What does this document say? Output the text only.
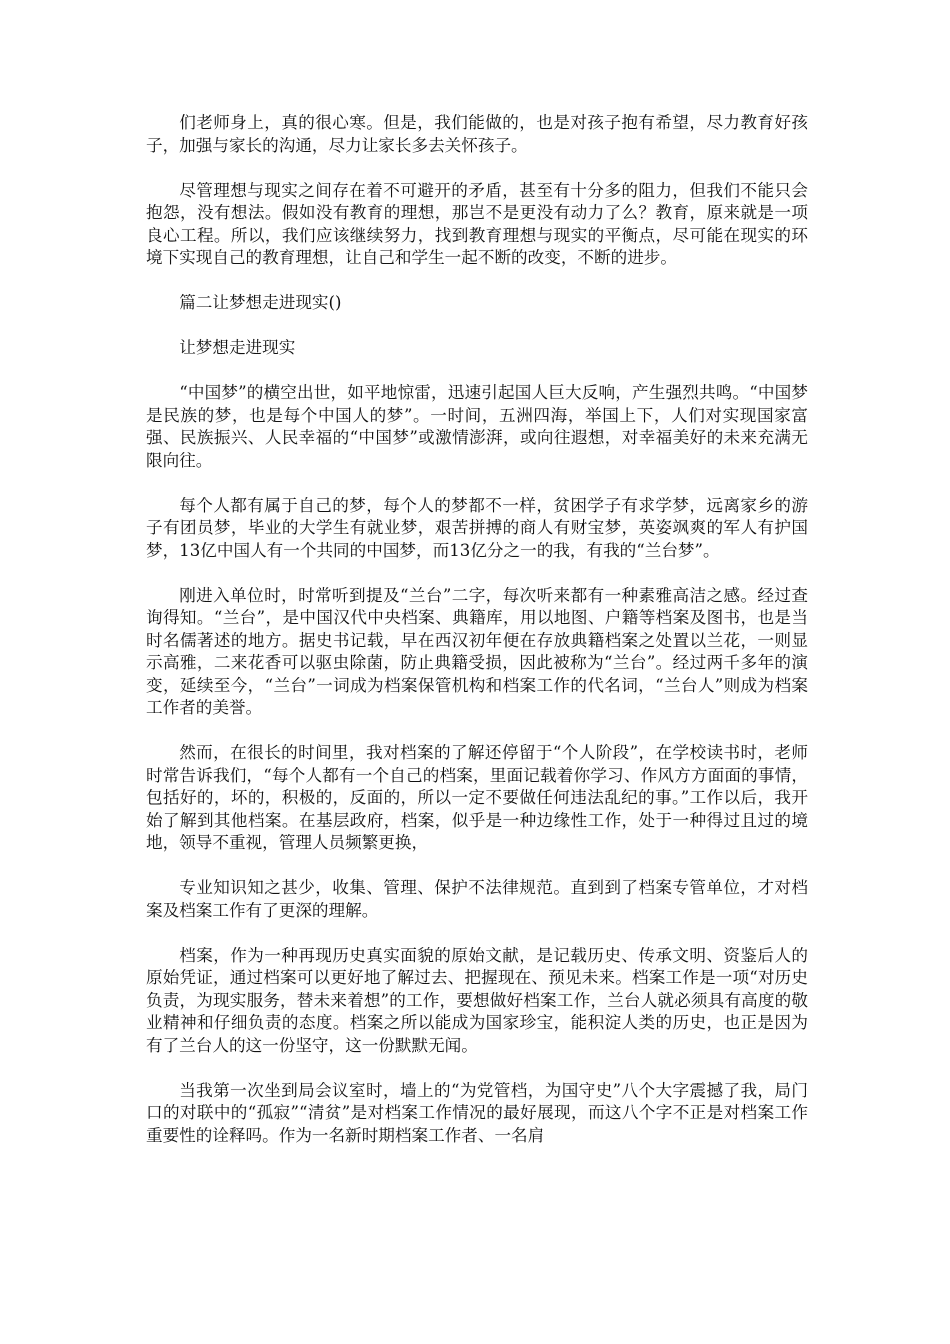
们老师身上，真的很心寒。但是，我们能做的，也是对孩子抱有希望，尽力教育好孩子，加强与家长的沟通，尽力让家长多去关怀孩子。

尽管理想与现实之间存在着不可避开的矛盾，甚至有十分多的阻力，但我们不能只会抱怨，没有想法。假如没有教育的理想，那岂不是更没有动力了么？教育，原来就是一项良心工程。所以，我们应该继续努力，找到教育理想与现实的平衡点，尽可能在现实的环境下实现自己的教育理想，让自己和学生一起不断的改变，不断的进步。

篇二让梦想走进现实()

让梦想走进现实

“中国梦”的横空出世，如平地惊雷，迅速引起国人巨大反响，产生强烈共鸣。“中国梦是民族的梦，也是每个中国人的梦”。一时间，五洲四海，举国上下，人们对实现国家富强、民族振兴、人民幸福的“中国梦”或激情澎湃，或向往遐想，对幸福美好的未来充满无限向往。

每个人都有属于自己的梦，每个人的梦都不一样，贫困学子有求学梦，远离家乡的游子有团员梦，毕业的大学生有就业梦，艰苦拼搏的商人有财宝梦，英姿飒爽的军人有护国梦，13亿中国人有一个共同的中国梦，而13亿分之一的我，有我的“兰台梦”。

刚进入单位时，时常听到提及“兰台”二字，每次听来都有一种素雅高洁之感。经过查询得知。“兰台”，是中国汉代中央档案、典籍库，用以地图、户籍等档案及图书，也是当时名儒著述的地方。据史书记载，早在西汉初年便在存放典籍档案之处置以兰花，一则显示高雅，二来花香可以驱虫除菌，防止典籍受损，因此被称为“兰台”。经过两千多年的演变，延续至今，“兰台”一词成为档案保管机构和档案工作的代名词，“兰台人”则成为档案工作者的美誉。

然而，在很长的时间里，我对档案的了解还停留于“个人阶段”，在学校读书时，老师时常告诉我们，“每个人都有一个自己的档案，里面记载着你学习、作风方方面面的事情，包括好的，坏的，积极的，反面的，所以一定不要做任何违法乱纪的事。”工作以后，我开始了解到其他档案。在基层政府，档案，似乎是一种边缘性工作，处于一种得过且过的境地，领导不重视，管理人员频繁更换，

专业知识知之甚少，收集、管理、保护不法律规范。直到到了档案专管单位，才对档案及档案工作有了更深的理解。

档案，作为一种再现历史真实面貌的原始文献，是记载历史、传承文明、资鉴后人的原始凭证，通过档案可以更好地了解过去、把握现在、预见未来。档案工作是一项“对历史负责，为现实服务，替未来着想”的工作，要想做好档案工作，兰台人就必须具有高度的敬业精神和仔细负责的态度。档案之所以能成为国家珍宝，能积淀人类的历史，也正是因为有了兰台人的这一份坚守，这一份默默无闻。

当我第一次坐到局会议室时，墙上的“为党管档，为国守史”八个大字震撼了我，局门口的对联中的“孤寂”“清贫”是对档案工作情况的最好展现，而这八个字不正是对档案工作重要性的诠释吗。作为一名新时期档案工作者、一名肩
